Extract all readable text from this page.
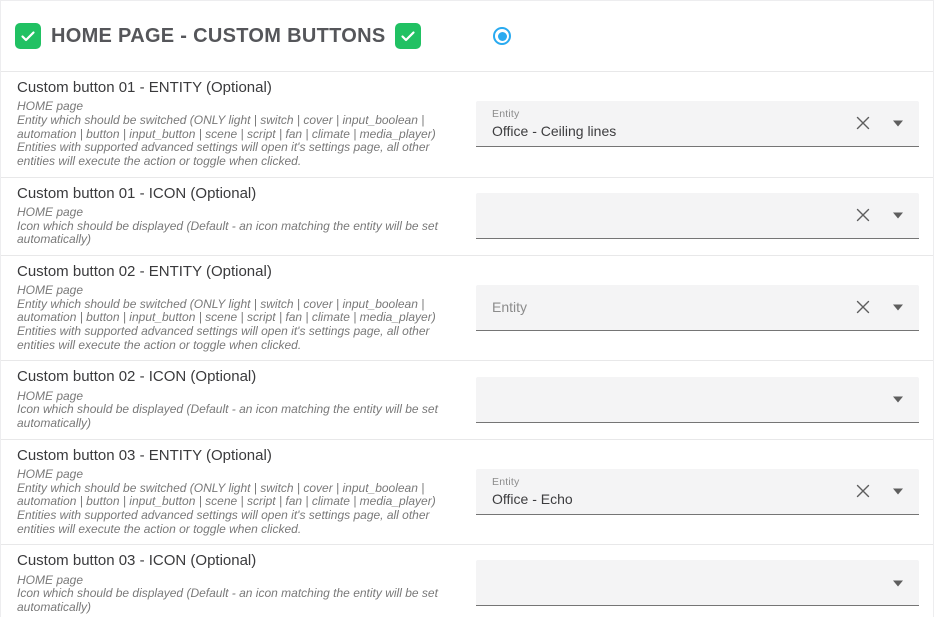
HOME PAGE - CUSTOM BUTTONS
Custom button 01 - ENTITY (Optional)

HOME page

Entity which should be switched (ONLY light | switch | cover | input_boolean | automation | button | input_button | scene | script | fan | climate | media_player)

Entities with supported advanced settings will open it's settings page, all other entities will execute the action or toggle when clicked.

Entity
Office - Ceiling lines
Custom button 01 - ICON (Optional)

HOME page

Icon which should be displayed (Default - an icon matching the entity will be set automatically)

Custom button 02 - ENTITY (Optional)

HOME page

Entity which should be switched (ONLY light | switch | cover | input_boolean | automation | button | input_button | scene | script | fan | climate | media_player)

Entities with supported advanced settings will open it's settings page, all other entities will execute the action or toggle when clicked.

Entity
Custom button 02 - ICON (Optional)

HOME page

Icon which should be displayed (Default - an icon matching the entity will be set automatically)

Custom button 03 - ENTITY (Optional)

HOME page

Entity which should be switched (ONLY light | switch | cover | input_boolean | automation | button | input_button | scene | script | fan | climate | media_player)

Entities with supported advanced settings will open it's settings page, all other entities will execute the action or toggle when clicked.

Entity
Office - Echo
Custom button 03 - ICON (Optional)

HOME page

Icon which should be displayed (Default - an icon matching the entity will be set automatically)
